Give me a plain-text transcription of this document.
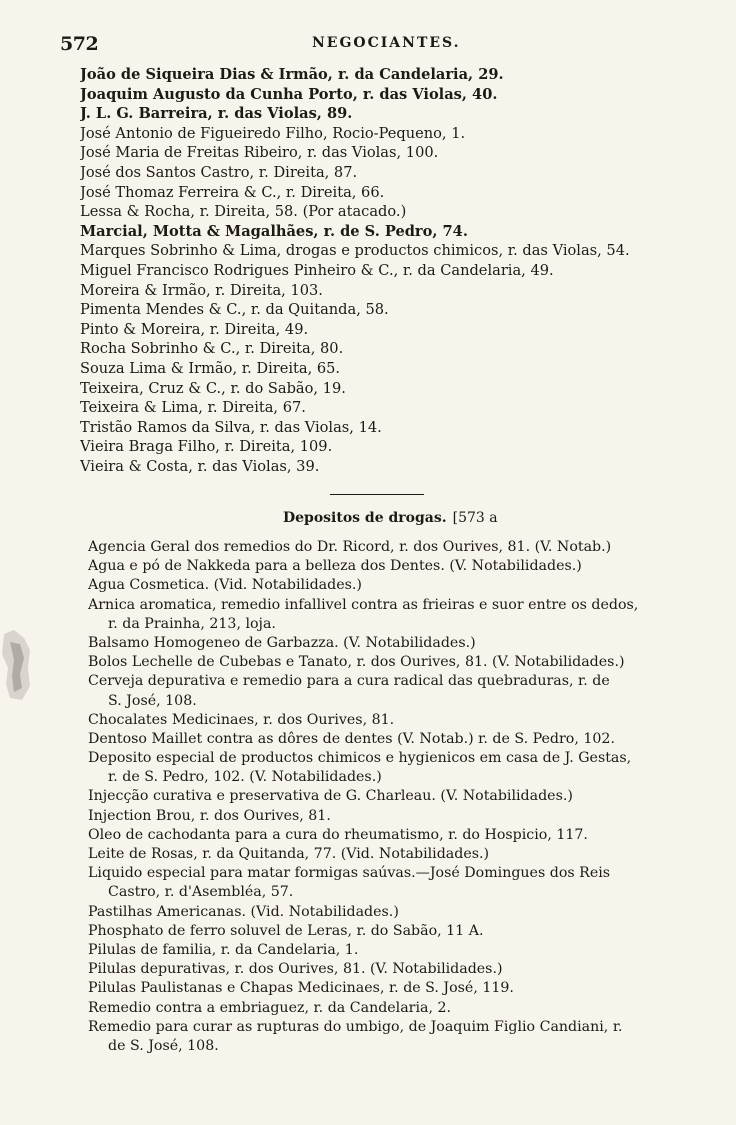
572	NEGOCIANTES.
João de Siqueira Dias & Irmão, r. da Candelaria, 29.
Joaquim Augusto da Cunha Porto, r. das Violas, 40.
J. L. G. Barreira, r. das Violas, 89.
José Antonio de Figueiredo Filho, Rocio-Pequeno, 1.
José Maria de Freitas Ribeiro, r. das Violas, 100.
José dos Santos Castro, r. Direita, 87.
José Thomaz Ferreira & C., r. Direita, 66.
Lessa & Rocha, r. Direita, 58. (Por atacado.)
Marcial, Motta & Magalhães, r. de S. Pedro, 74.
Marques Sobrinho & Lima, drogas e productos chimicos, r. das Violas, 54.
Miguel Francisco Rodrigues Pinheiro & C., r. da Candelaria, 49.
Moreira & Irmão, r. Direita, 103.
Pimenta Mendes & C., r. da Quitanda, 58.
Pinto & Moreira, r. Direita, 49.
Rocha Sobrinho & C., r. Direita, 80.
Souza Lima & Irmão, r. Direita, 65.
Teixeira, Cruz & C., r. do Sabão, 19.
Teixeira & Lima, r. Direita, 67.
Tristão Ramos da Silva, r. das Violas, 14.
Vieira Braga Filho, r. Direita, 109.
Vieira & Costa, r. das Violas, 39.
Depositos de drogas. [573 a
Agencia Geral dos remedios do Dr. Ricord, r. dos Ourives, 81. (V. Notab.)
Agua e pó de Nakkeda para a belleza dos Dentes. (V. Notabilidades.)
Agua Cosmetica. (Vid. Notabilidades.)
Arnica aromatica, remedio infallivel contra as frieiras e suor entre os dedos,
r. da Prainha, 213, loja.
Balsamo Homogeneo de Garbazza. (V. Notabilidades.)
Bolos Lechelle de Cubebas e Tanato, r. dos Ourives, 81. (V. Notabilidades.)
Cerveja depurativa e remedio para a cura radical das quebraduras, r. de
S. José, 108.
Chocalates Medicinaes, r. dos Ourives, 81.
Dentoso Maillet contra as dôres de dentes (V. Notab.) r. de S. Pedro, 102.
Deposito especial de productos chimicos e hygienicos em casa de J. Gestas,
r. de S. Pedro, 102. (V. Notabilidades.)
Injecção curativa e preservativa de G. Charleau. (V. Notabilidades.)
Injection Brou, r. dos Ourives, 81.
Oleo de cachodanta para a cura do rheumatismo, r. do Hospicio, 117.
Leite de Rosas, r. da Quitanda, 77. (Vid. Notabilidades.)
Liquido especial para matar formigas saúvas.—José Domingues dos Reis
Castro, r. d'Asembléa, 57.
Pastilhas Americanas. (Vid. Notabilidades.)
Phosphato de ferro soluvel de Leras, r. do Sabão, 11 A.
Pilulas de familia, r. da Candelaria, 1.
Pilulas depurativas, r. dos Ourives, 81. (V. Notabilidades.)
Pilulas Paulistanas e Chapas Medicinaes, r. de S. José, 119.
Remedio contra a embriaguez, r. da Candelaria, 2.
Remedio para curar as rupturas do umbigo, de Joaquim Figlio Candiani, r.
de S. José, 108.
